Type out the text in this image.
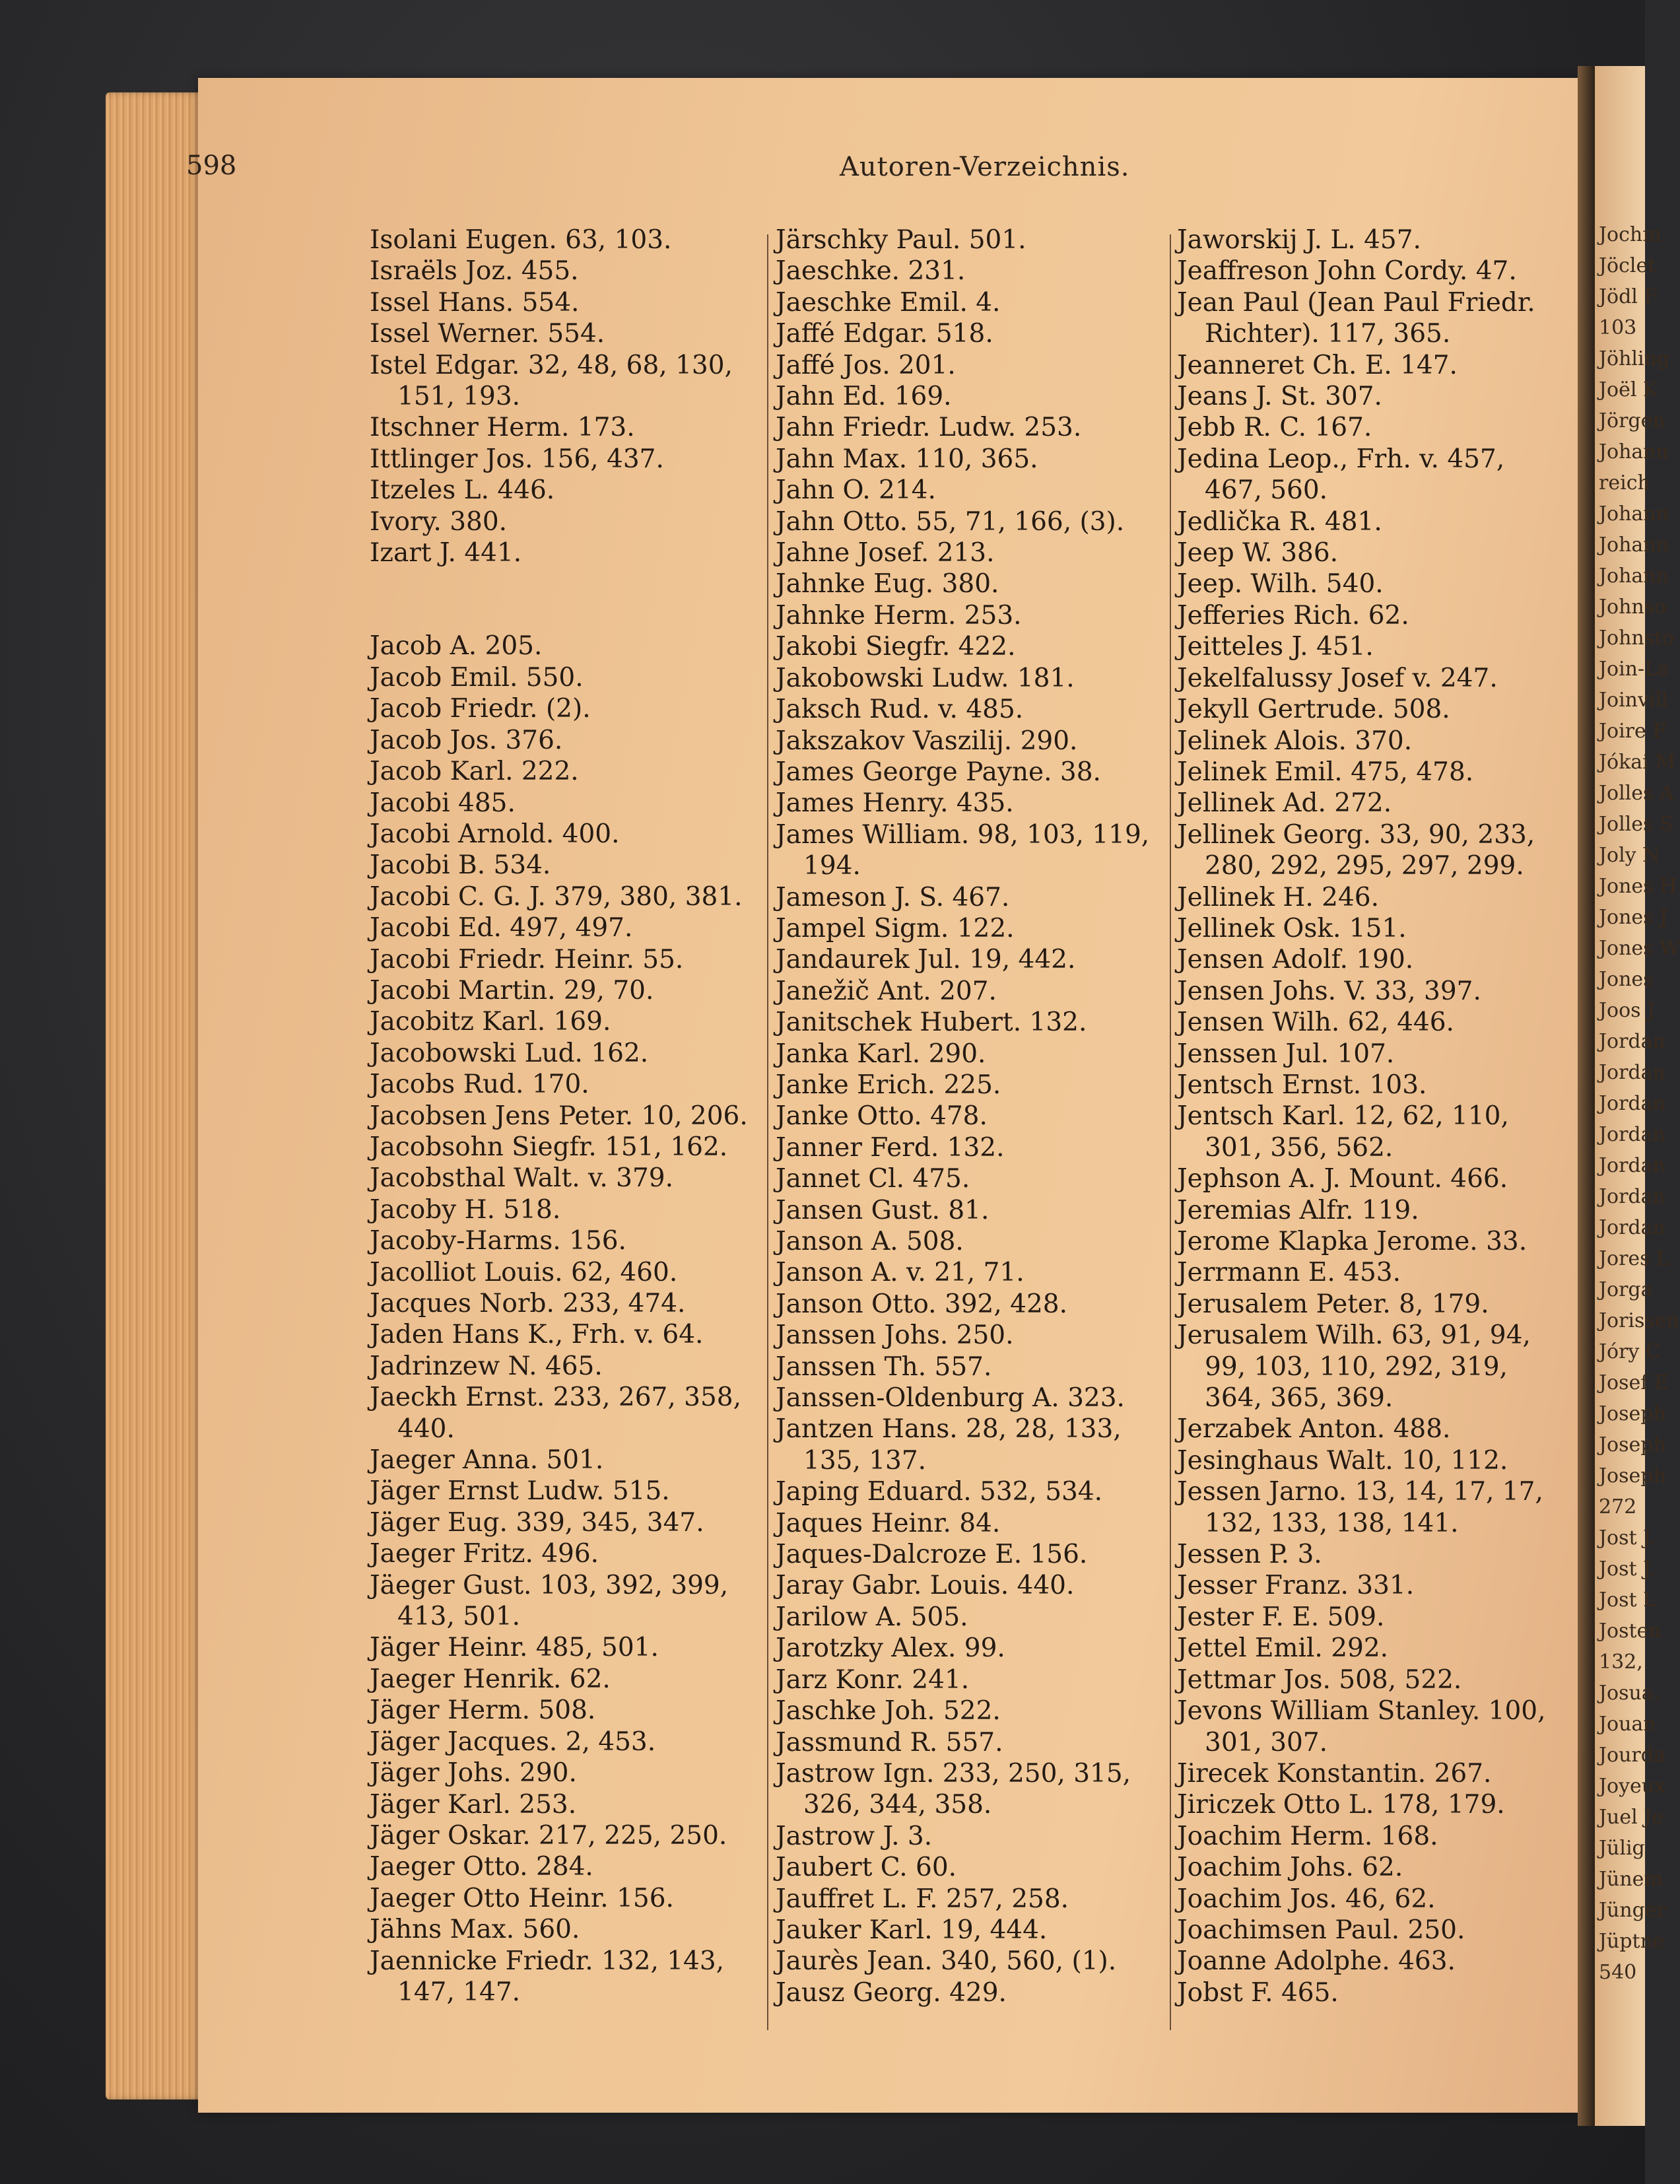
598	Autoren-Verzeichnis.
Isolani Eugen. 63, 103.
Israëls Joz. 455.
Issel Hans. 554.
Issel Werner. 554.
Istel Edgar. 32, 48, 68, 130,
151, 193.
Itschner Herm. 173.
Ittlinger Jos. 156, 437.
Itzeles L. 446.
Ivory. 380.
Izart J. 441.
Jacob A. 205.
Jacob Emil. 550.
Jacob Friedr. (2).
Jacob Jos. 376.
Jacob Karl. 222.
Jacobi 485.
Jacobi Arnold. 400.
Jacobi B. 534.
Jacobi C. G. J. 379, 380, 381.
Jacobi Ed. 497, 497.
Jacobi Friedr. Heinr. 55.
Jacobi Martin. 29, 70.
Jacobitz Karl. 169.
Jacobowski Lud. 162.
Jacobs Rud. 170.
Jacobsen Jens Peter. 10, 206.
Jacobsohn Siegfr. 151, 162.
Jacobsthal Walt. v. 379.
Jacoby H. 518.
Jacoby-Harms. 156.
Jacolliot Louis. 62, 460.
Jacques Norb. 233, 474.
Jaden Hans K., Frh. v. 64.
Jadrinzew N. 465.
Jaeckh Ernst. 233, 267, 358,
440.
Jaeger Anna. 501.
Jäger Ernst Ludw. 515.
Jäger Eug. 339, 345, 347.
Jaeger Fritz. 496.
Jäeger Gust. 103, 392, 399,
413, 501.
Jäger Heinr. 485, 501.
Jaeger Henrik. 62.
Jäger Herm. 508.
Jäger Jacques. 2, 453.
Jäger Johs. 290.
Jäger Karl. 253.
Jäger Oskar. 217, 225, 250.
Jaeger Otto. 284.
Jaeger Otto Heinr. 156.
Jähns Max. 560.
Jaennicke Friedr. 132, 143,
147, 147.
Järschky Paul. 501.
Jaeschke. 231.
Jaeschke Emil. 4.
Jaffé Edgar. 518.
Jaffé Jos. 201.
Jahn Ed. 169.
Jahn Friedr. Ludw. 253.
Jahn Max. 110, 365.
Jahn O. 214.
Jahn Otto. 55, 71, 166, (3).
Jahne Josef. 213.
Jahnke Eug. 380.
Jahnke Herm. 253.
Jakobi Siegfr. 422.
Jakobowski Ludw. 181.
Jaksch Rud. v. 485.
Jakszakov Vaszilij. 290.
James George Payne. 38.
James Henry. 435.
James William. 98, 103, 119,
194.
Jameson J. S. 467.
Jampel Sigm. 122.
Jandaurek Jul. 19, 442.
Janežič Ant. 207.
Janitschek Hubert. 132.
Janka Karl. 290.
Janke Erich. 225.
Janke Otto. 478.
Janner Ferd. 132.
Jannet Cl. 475.
Jansen Gust. 81.
Janson A. 508.
Janson A. v. 21, 71.
Janson Otto. 392, 428.
Janssen Johs. 250.
Janssen Th. 557.
Janssen-Oldenburg A. 323.
Jantzen Hans. 28, 28, 133,
135, 137.
Japing Eduard. 532, 534.
Jaques Heinr. 84.
Jaques-Dalcroze E. 156.
Jaray Gabr. Louis. 440.
Jarilow A. 505.
Jarotzky Alex. 99.
Jarz Konr. 241.
Jaschke Joh. 522.
Jassmund R. 557.
Jastrow Ign. 233, 250, 315,
326, 344, 358.
Jastrow J. 3.
Jaubert C. 60.
Jauffret L. F. 257, 258.
Jauker Karl. 19, 444.
Jaurès Jean. 340, 560, (1).
Jausz Georg. 429.
Jaworskij J. L. 457.
Jeaffreson John Cordy. 47.
Jean Paul (Jean Paul Friedr.
Richter). 117, 365.
Jeanneret Ch. E. 147.
Jeans J. St. 307.
Jebb R. C. 167.
Jedina Leop., Frh. v. 457,
467, 560.
Jedlička R. 481.
Jeep W. 386.
Jeep. Wilh. 540.
Jefferies Rich. 62.
Jeitteles J. 451.
Jekelfalussy Josef v. 247.
Jekyll Gertrude. 508.
Jelinek Alois. 370.
Jelinek Emil. 475, 478.
Jellinek Ad. 272.
Jellinek Georg. 33, 90, 233,
280, 292, 295, 297, 299.
Jellinek H. 246.
Jellinek Osk. 151.
Jensen Adolf. 190.
Jensen Johs. V. 33, 397.
Jensen Wilh. 62, 446.
Jenssen Jul. 107.
Jentsch Ernst. 103.
Jentsch Karl. 12, 62, 110,
301, 356, 562.
Jephson A. J. Mount. 466.
Jeremias Alfr. 119.
Jerome Klapka Jerome. 33.
Jerrmann E. 453.
Jerusalem Peter. 8, 179.
Jerusalem Wilh. 63, 91, 94,
99, 103, 110, 292, 319,
364, 365, 369.
Jerzabek Anton. 488.
Jesinghaus Walt. 10, 112.
Jessen Jarno. 13, 14, 17, 17,
132, 133, 138, 141.
Jessen P. 3.
Jesser Franz. 331.
Jester F. E. 509.
Jettel Emil. 292.
Jettmar Jos. 508, 522.
Jevons William Stanley. 100,
301, 307.
Jirecek Konstantin. 267.
Jiriczek Otto L. 178, 179.
Joachim Herm. 168.
Joachim Johs. 62.
Joachim Jos. 46, 62.
Joachimsen Paul. 250.
Joanne Adolphe. 463.
Jobst F. 465.
Jochm
Jöclet
Jödl F
103
Jöhling
Joël K
Jörgen
Johann
reich
Johann
Johann
Johann
Johnso
Johnsto
Join-La
Joinvill
Joire F
Jókai M
Jolles A
Jolles S
Joly N
Jones H
Jones J
Jones W
Jones
Joos J
Jordan
Jordan
Jordan
Jordan
Jordan
Jordan
Jordan
Jores L
Jorga
Jorissen
Jóry C
Josef E
Joseph
Joseph
Joseph
272
Jost J.
Jost J.
Jost L
Josten
132,
Josua.
Jouan
Jourda
Joyeux
Juel Je
Jülig
Jünem
Jünger
Jüptne
540
